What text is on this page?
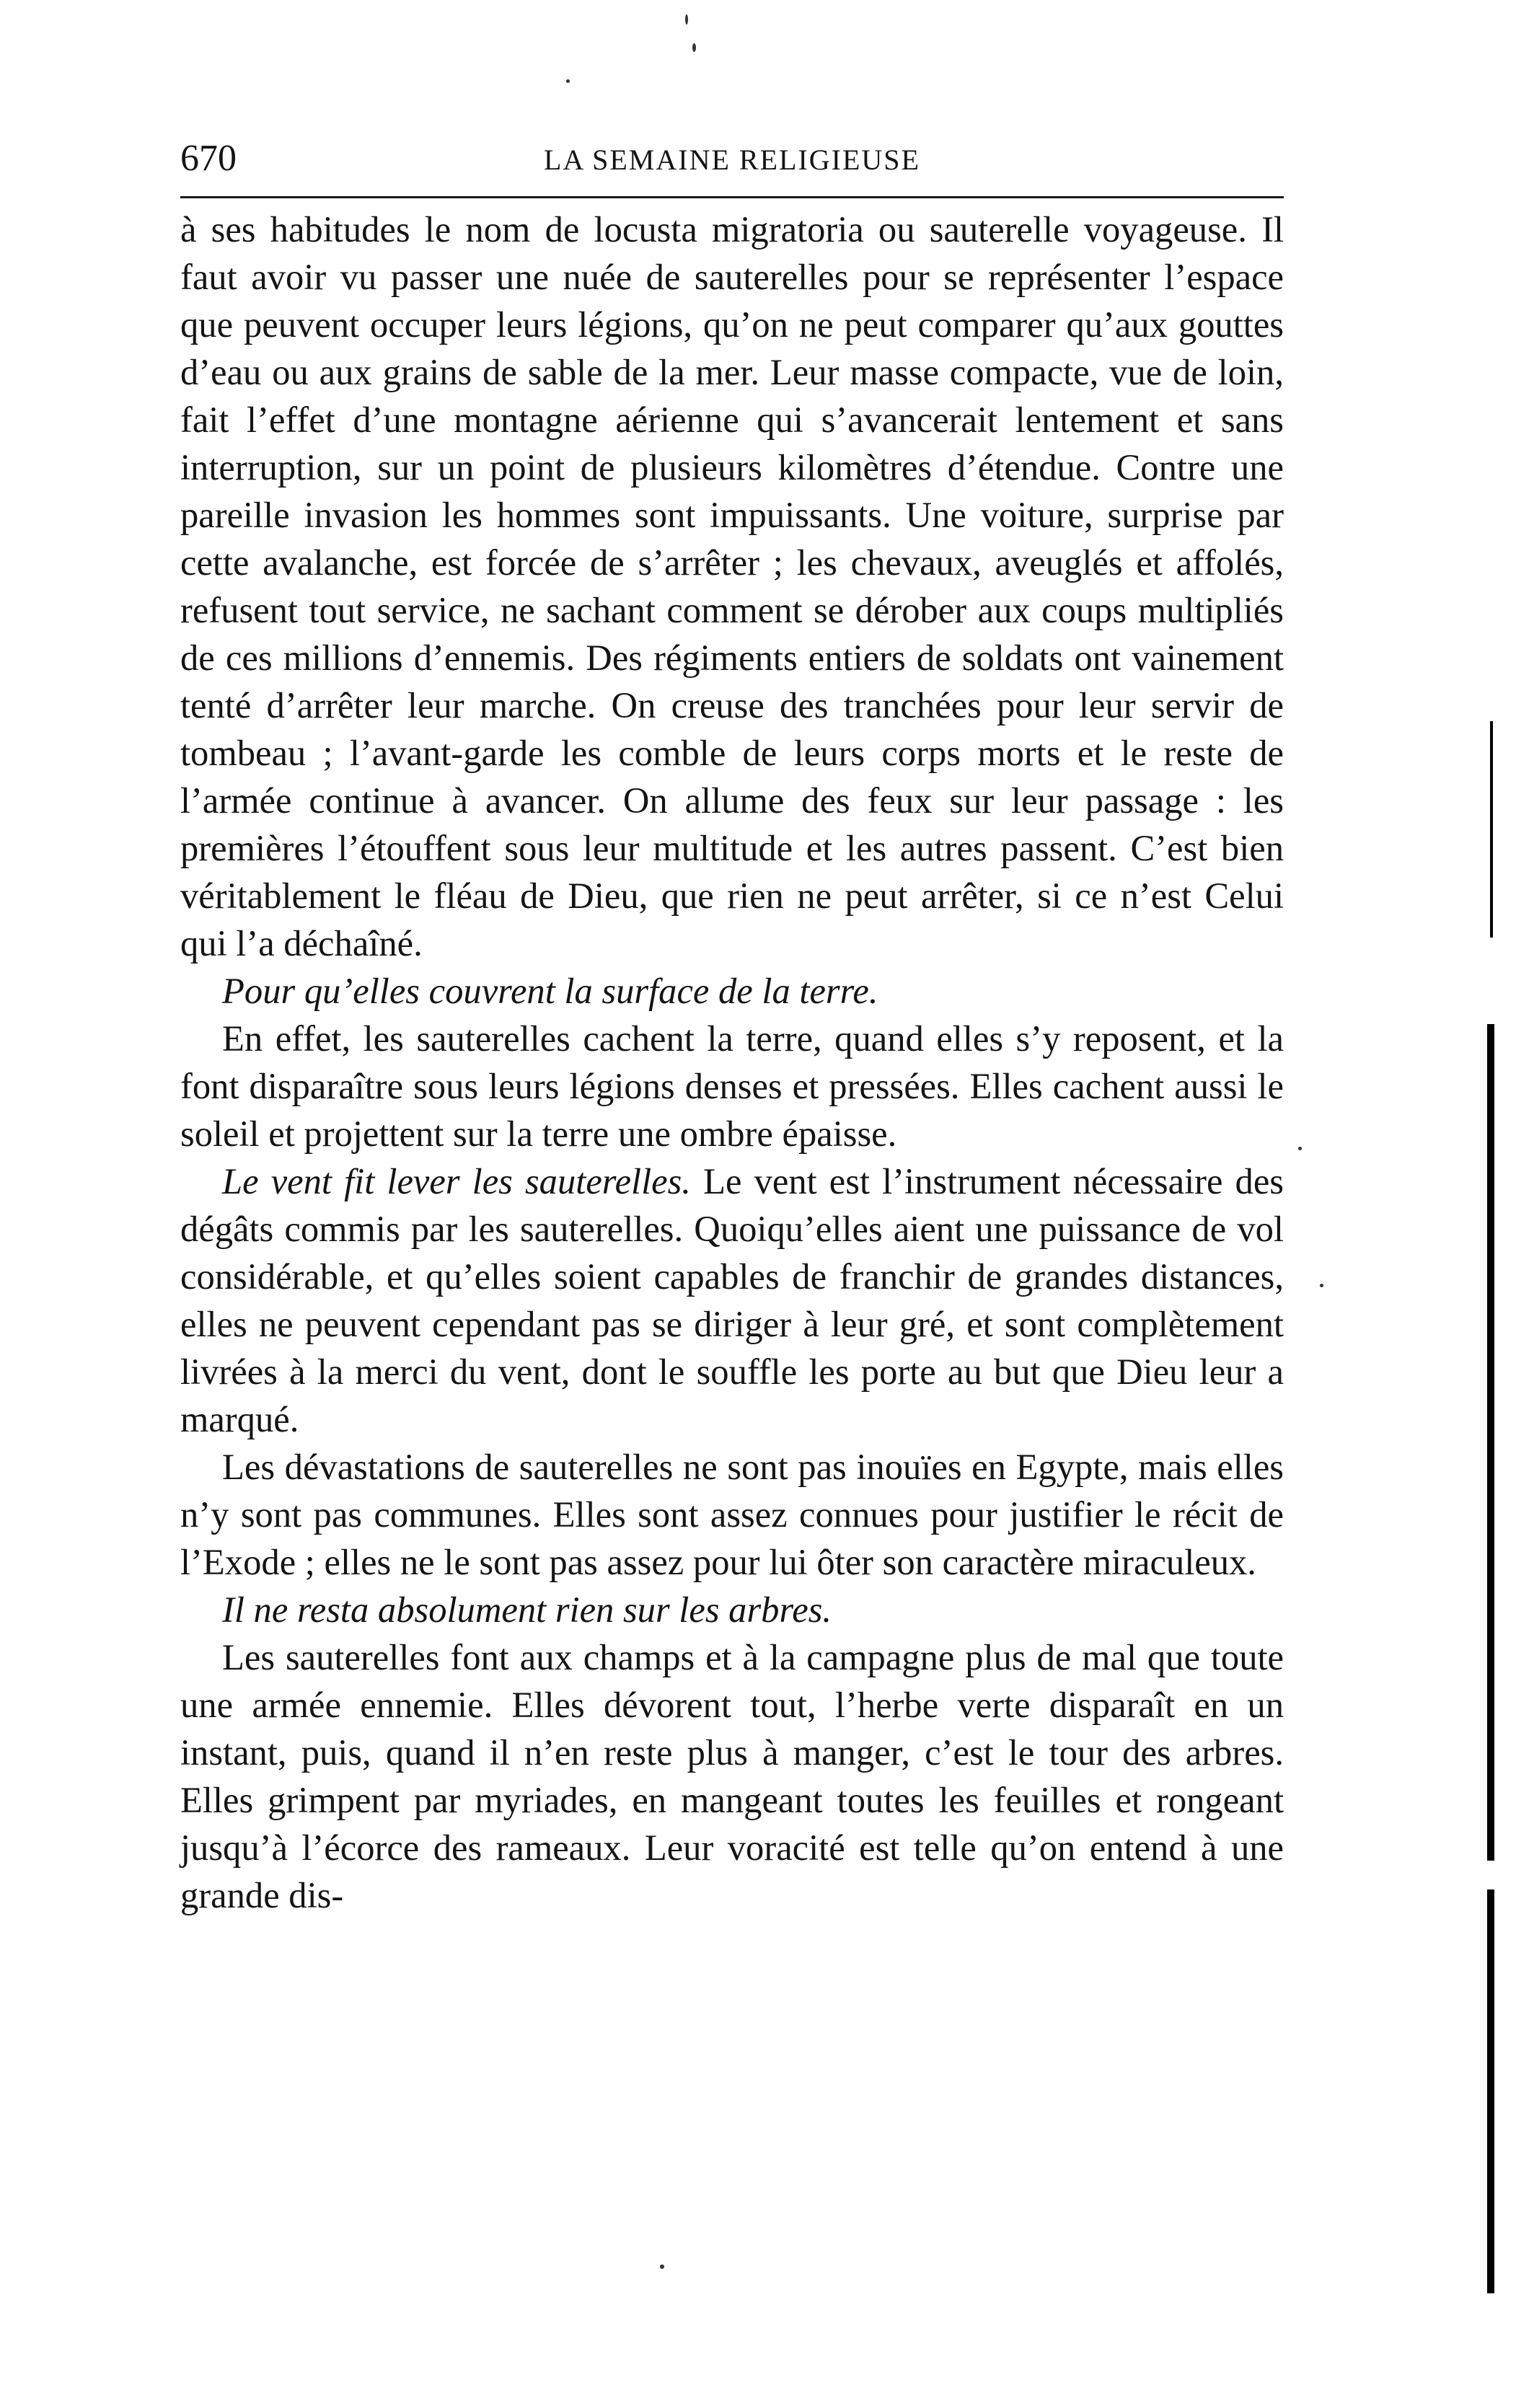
670	LA SEMAINE RELIGIEUSE

à ses habitudes le nom de locusta migratoria ou sauterelle voyageuse. Il faut avoir vu passer une nuée de sauterelles pour se représenter l’espace que peuvent occuper leurs légions, qu’on ne peut comparer qu’aux gouttes d’eau ou aux grains de sable de la mer. Leur masse compacte, vue de loin, fait l’effet d’une montagne aérienne qui s’avancerait lentement et sans interruption, sur un point de plusieurs kilomètres d’étendue. Contre une pareille invasion les hommes sont impuissants. Une voiture, surprise par cette avalanche, est forcée de s’arrêter ; les chevaux, aveuglés et affolés, refusent tout service, ne sachant comment se dérober aux coups multipliés de ces millions d’ennemis. Des régiments entiers de soldats ont vainement tenté d’arrêter leur marche. On creuse des tranchées pour leur servir de tombeau ; l’avant-garde les comble de leurs corps morts et le reste de l’armée continue à avancer. On allume des feux sur leur passage : les premières l’étouffent sous leur multitude et les autres passent. C’est bien véritablement le fléau de Dieu, que rien ne peut arrêter, si ce n’est Celui qui l’a déchaîné.

Pour qu’elles couvrent la surface de la terre.

En effet, les sauterelles cachent la terre, quand elles s’y reposent, et la font disparaître sous leurs légions denses et pressées. Elles cachent aussi le soleil et projettent sur la terre une ombre épaisse.

Le vent fit lever les sauterelles. Le vent est l’instrument nécessaire des dégâts commis par les sauterelles. Quoiqu’elles aient une puissance de vol considérable, et qu’elles soient capables de franchir de grandes distances, elles ne peuvent cependant pas se diriger à leur gré, et sont complètement livrées à la merci du vent, dont le souffle les porte au but que Dieu leur a marqué.

Les dévastations de sauterelles ne sont pas inouïes en Egypte, mais elles n’y sont pas communes. Elles sont assez connues pour justifier le récit de l’Exode ; elles ne le sont pas assez pour lui ôter son caractère miraculeux.

Il ne resta absolument rien sur les arbres.

Les sauterelles font aux champs et à la campagne plus de mal que toute une armée ennemie. Elles dévorent tout, l’herbe verte disparaît en un instant, puis, quand il n’en reste plus à manger, c’est le tour des arbres. Elles grimpent par myriades, en mangeant toutes les feuilles et rongeant jusqu’à l’écorce des rameaux. Leur voracité est telle qu’on entend à une grande dis-
